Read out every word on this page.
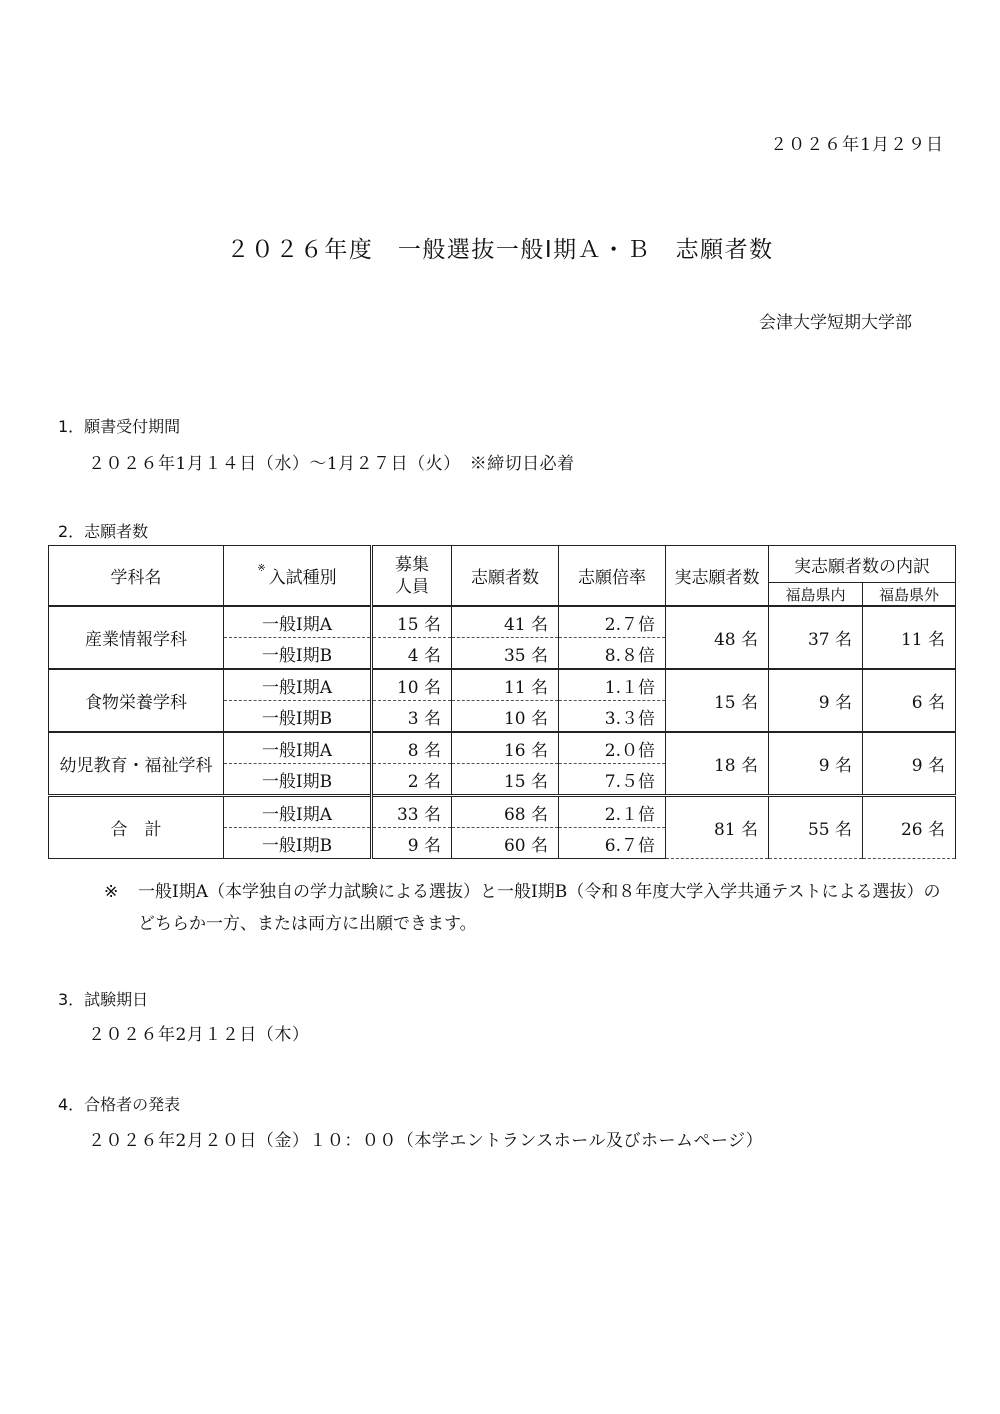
２０２６年1月２９日
２０２６年度　一般選抜一般Ⅰ期Ａ・Ｂ　志願者数
会津大学短期大学部
1．願書受付期間
２０２６年1月１４日（水）～1月２７日（火）　※締切日必着
2．志願者数
学科名	※ 入試種別	募集
人員	志願者数	志願倍率	実志願者数	実志願者数の内訳	
						福島県内	福島県外
産業情報学科	一般Ⅰ期A	15 名	41 名	2.７倍	48 名	37 名	11 名
	一般Ⅰ期B	4 名	35 名	8.８倍			
食物栄養学科	一般Ⅰ期A	10 名	11 名	1.１倍	15 名	9 名	6 名
	一般Ⅰ期B	3 名	10 名	3.３倍			
幼児教育・福祉学科	一般Ⅰ期A	8 名	16 名	2.０倍	18 名	9 名	9 名
	一般Ⅰ期B	2 名	15 名	7.５倍			
合　計	一般Ⅰ期A	33 名	68 名	2.１倍	81 名	55 名	26 名
	一般Ⅰ期B	9 名	60 名	6.７倍			
※	一般Ⅰ期A（本学独自の学力試験による選抜）と一般Ⅰ期B（令和８年度大学入学共通テストによる選抜）のどちらか一方、または両方に出願できます。
3．試験期日
２０２６年2月１２日（木）
4．合格者の発表
２０２６年2月２０日（金）１０：００（本学エントランスホール及びホームページ）
